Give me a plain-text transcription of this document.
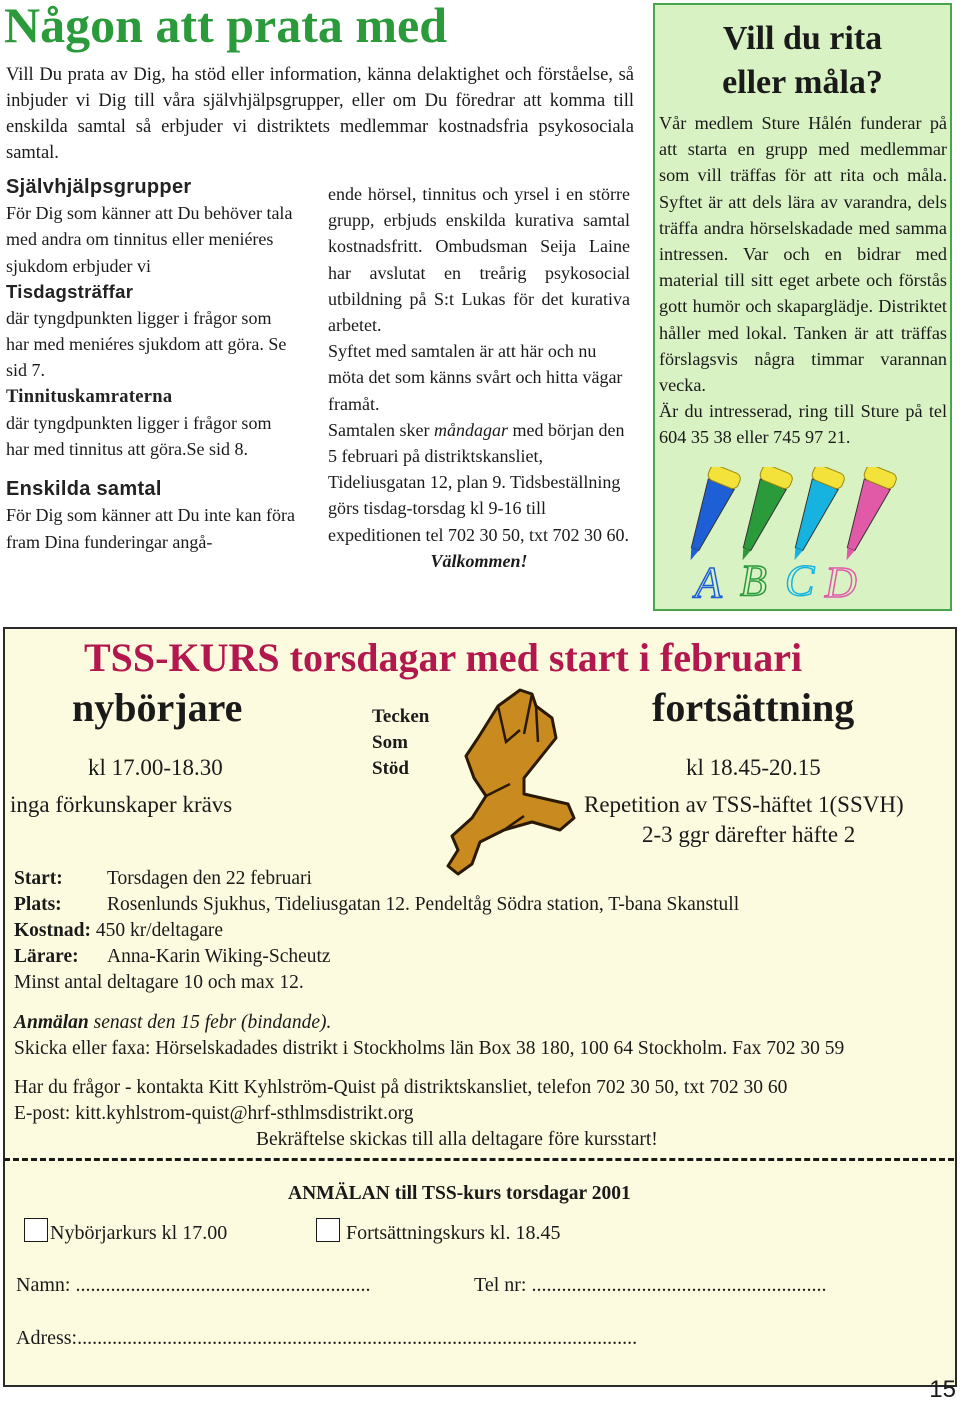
Någon att prata med
Vill Du prata av Dig, ha stöd eller information, känna delaktighet och förståelse, så inbjuder vi Dig till våra självhjälpsgrupper, eller om Du föredrar att komma till enskilda samtal så erbjuder vi distriktets medlemmar kostnadsfria psykosociala samtal.
Självhjälpsgrupper

För Dig som känner att Du behöver tala med andra om tinnitus eller meniéres sjukdom erbjuder vi

Tisdagsträffar

där tyngdpunkten ligger i frågor som har med meniéres sjukdom att göra. Se sid 7.

Tinnituskamraterna

där tyngdpunkten ligger i frågor som har med tinnitus att göra.Se sid 8.

Enskilda samtal

För Dig som känner att Du inte kan föra fram Dina funderingar angå-

ende hörsel, tinnitus och yrsel i en större grupp, erbjuds enskilda kurativa samtal kostnadsfritt. Ombudsman Seija Laine har avslutat en treårig psykosocial utbildning på S:t Lukas för det kurativa arbetet.

Syftet med samtalen är att här och nu möta det som känns svårt och hitta vägar framåt.

Samtalen sker måndagar med början den 5 februari på distriktskansliet, Tideliusgatan 12, plan 9. Tidsbeställning görs tisdag-torsdag kl 9-16 till expeditionen tel 702 30 50, txt 702 30 60.

Välkommen!

Vill du rita
eller måla?
Vår medlem Sture Hålén funderar på att starta en grupp med medlemmar som vill träffas för att rita och måla. Syftet är att dels lära av varandra, dels träffa andra hörselskadade med samma intressen. Var och en bidrar med material till sitt eget arbete och förstås gott humör och skaparglädje. Distriktet håller med lokal. Tanken är att träffas förslagsvis några timmar varannan vecka.
Är du intresserad, ring till Sture på tel 604 35 38 eller 745 97 21.
A B C D
TSS-KURS torsdagar med start i februari
nybörjare
kl 17.00-18.30
inga förkunskaper krävs
Tecken
Som
Stöd
fortsättning
kl 18.45-20.15
Repetition av TSS-häftet 1(SSVH)
2-3 ggr därefter häfte 2
Start: Torsdagen den 22 februari
Plats: Rosenlunds Sjukhus, Tideliusgatan 12. Pendeltåg Södra station, T-bana Skanstull
Kostnad: 450 kr/deltagare
Lärare: Anna-Karin Wiking-Scheutz
Minst antal deltagare 10 och max 12.
Anmälan senast den 15 febr (bindande).
Skicka eller faxa: Hörselskadades distrikt i Stockholms län Box 38 180, 100 64 Stockholm. Fax 702 30 59
Har du frågor - kontakta Kitt Kyhlström-Quist på distriktskansliet, telefon 702 30 50, txt 702 30 60
E-post: kitt.kyhlstrom-quist@hrf-sthlmsdistrikt.org
Bekräftelse skickas till alla deltagare före kursstart!
ANMÄLAN till TSS-kurs torsdagar 2001
Nybörjarkurs kl 17.00	Fortsättningskurs kl. 18.45
Namn: ...........................................................	Tel nr: ...........................................................
Adress:................................................................................................................
15
